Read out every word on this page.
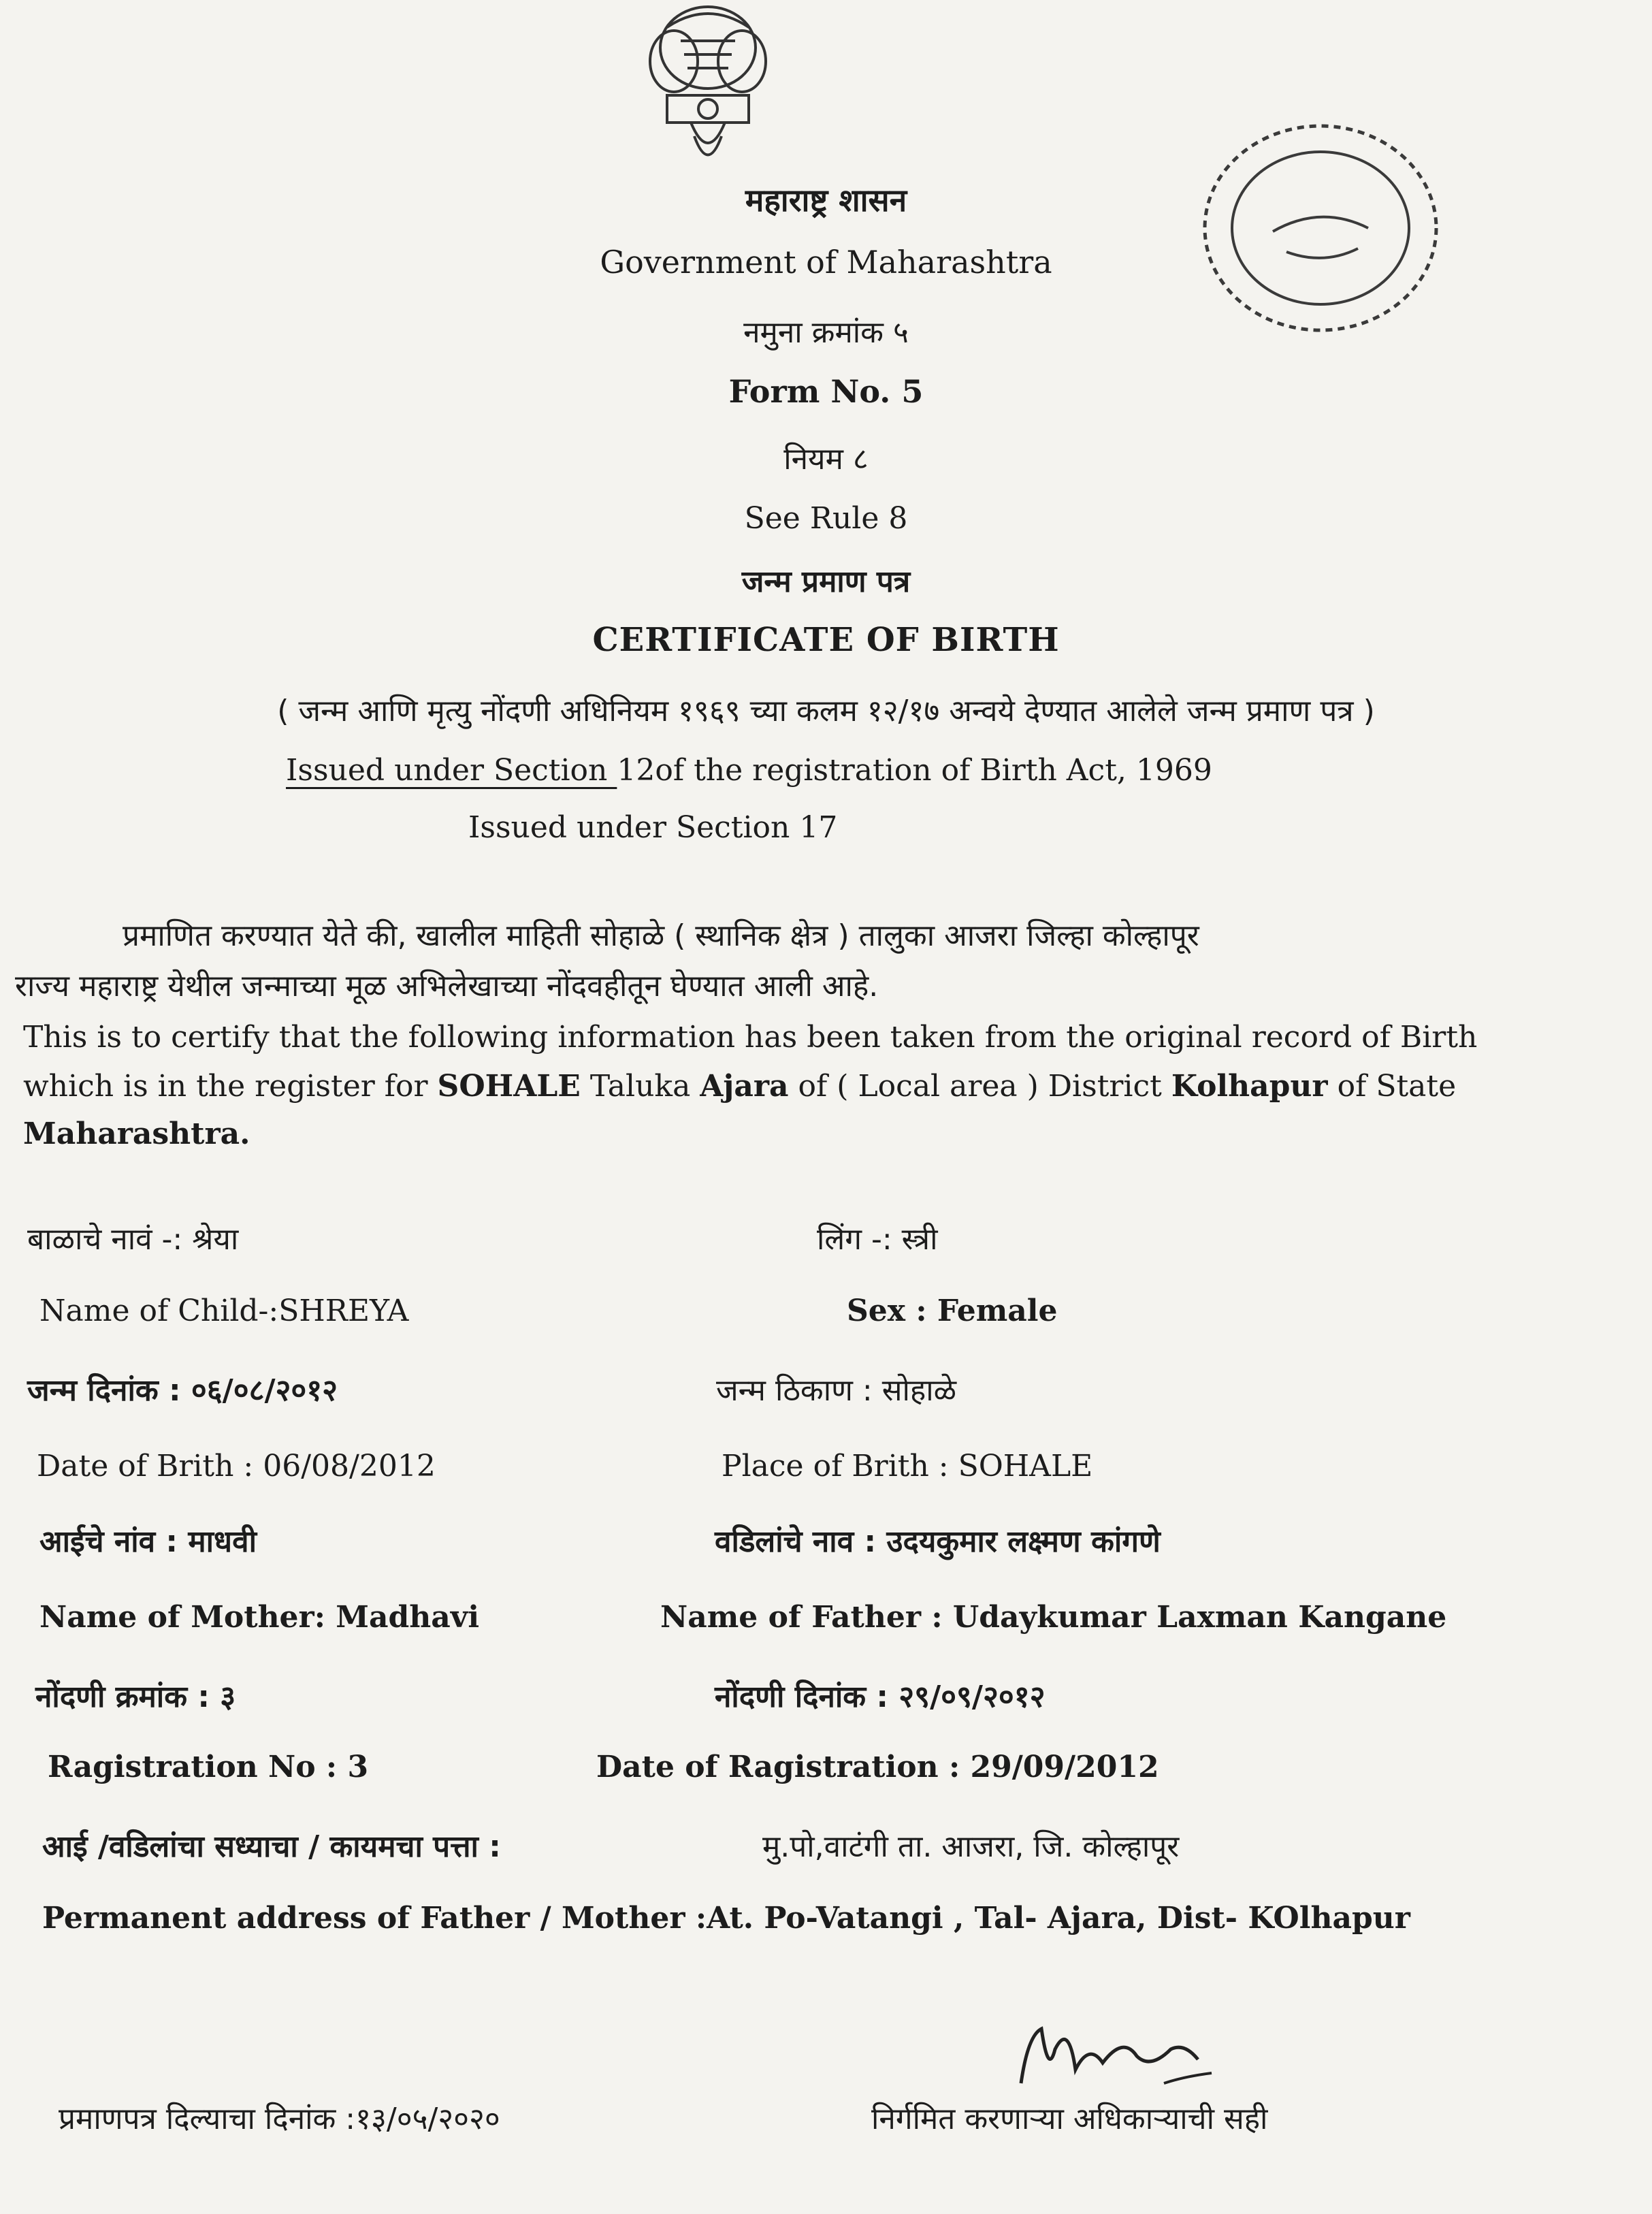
महाराष्ट्र शासन
Government of Maharashtra
नमुना क्रमांक ५
Form No. 5
नियम ८
See Rule 8
जन्म प्रमाण पत्र
CERTIFICATE OF BIRTH
( जन्म आणि मृत्यु नोंदणी अधिनियम १९६९ च्या कलम १२/१७ अन्वये देण्यात आलेले जन्म प्रमाण पत्र )
Issued under Section 12of the registration of Birth Act, 1969
Issued under Section 17
प्रमाणित करण्यात येते की, खालील माहिती सोहाळे ( स्थानिक क्षेत्र ) तालुका आजरा जिल्हा कोल्हापूर
राज्य महाराष्ट्र येथील जन्माच्या मूळ अभिलेखाच्या नोंदवहीतून घेण्यात आली आहे.
This is to certify that the following information has been taken from the original record of Birth
which is in the register for SOHALE Taluka Ajara of ( Local area ) District Kolhapur of State
Maharashtra.
बाळाचे नावं -: श्रेया	लिंग -: स्त्री
Name of Child-:SHREYA	Sex : Female
जन्म दिनांक : ०६/०८/२०१२	जन्म ठिकाण : सोहाळे
Date of Brith : 06/08/2012	Place of Brith : SOHALE
आईचे नांव : माधवी	वडिलांचे नाव : उदयकुमार लक्ष्मण कांगणे
Name of Mother: Madhavi	Name of Father : Udaykumar Laxman Kangane
नोंदणी क्रमांक : ३	नोंदणी दिनांक : २९/०९/२०१२
Ragistration No : 3	Date of Ragistration : 29/09/2012
आई /वडिलांचा सध्याचा / कायमचा पत्ता :	मु.पो,वाटंगी ता. आजरा, जि. कोल्हापूर
Permanent address of Father / Mother :At. Po-Vatangi , Tal- Ajara, Dist- KOlhapur
प्रमाणपत्र दिल्याचा दिनांक :१३/०५/२०२०	निर्गमित करणाऱ्या अधिकाऱ्याची सही
